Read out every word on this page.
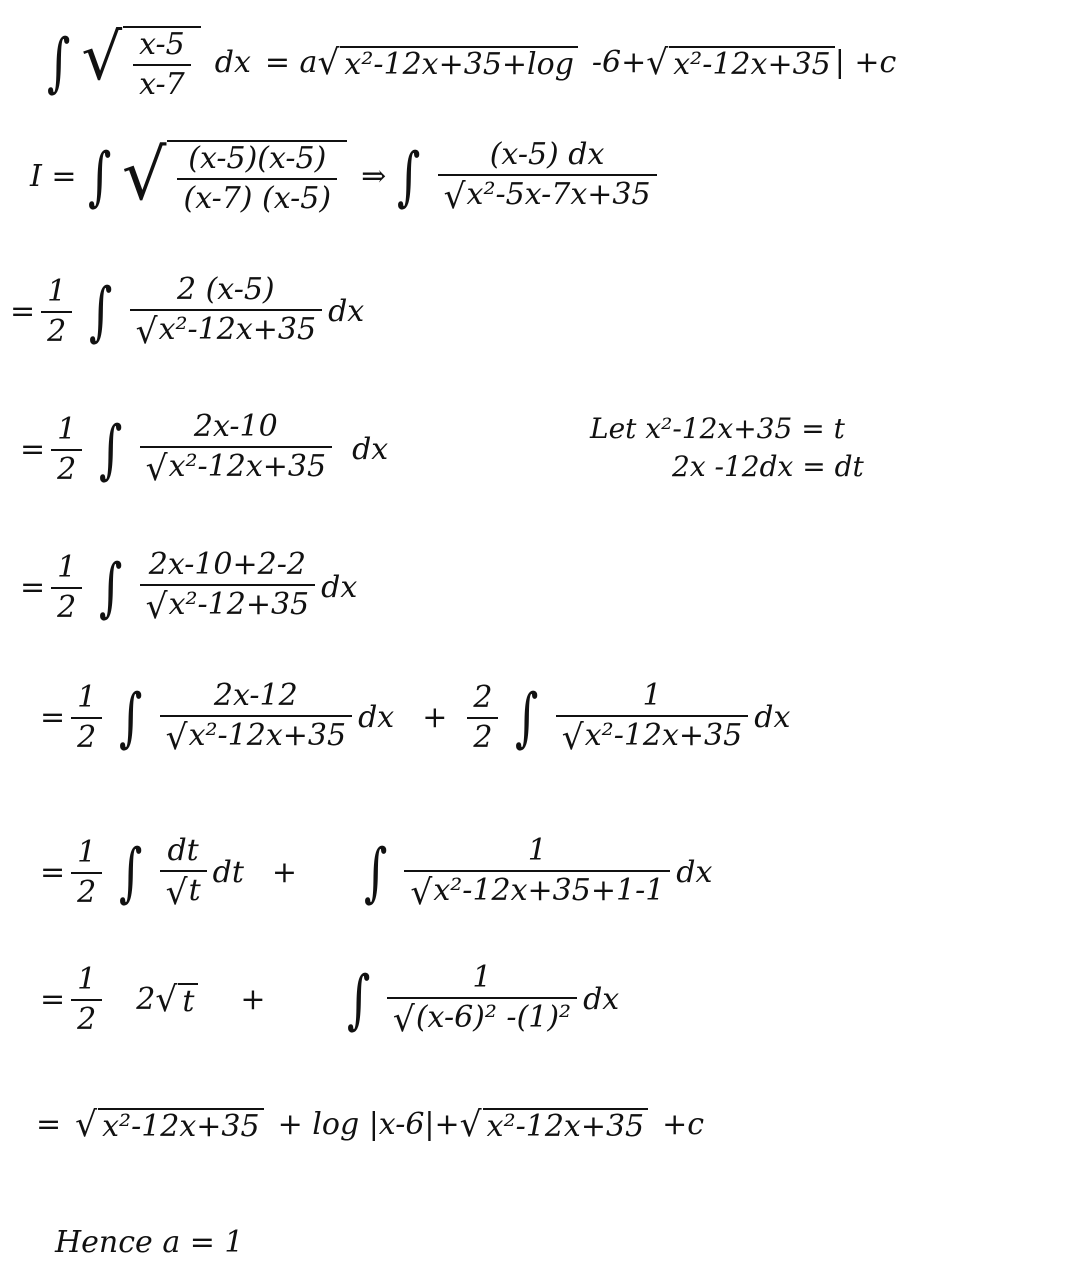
∫ √ $\frac{x-5}{x-7}$ dx = a √ x²-12x+35+log -6+ √ x²-12x+35 | +c
I = ∫ √ $\frac{(x-5)(x-5)}{(x-7) (x-5)}$ ⇒ ∫ $\frac{(x-5) dx}{\text{√ x²-5x-7x+35}}$
= $\frac{1}{2}$ ∫ $\frac{2 (x-5)}{\text{√ x²-12x+35}}$ dx
= $\frac{1}{2}$ ∫ $\frac{2x-10}{\text{√ x²-12x+35}}$ dx
Let x²-12x+35 = t
2x -12dx = dt
= $\frac{1}{2}$ ∫ $\frac{2x-10+2-2}{\text{√ x²-12+35}}$ dx
= $\frac{1}{2}$ ∫ $\frac{2x-12}{\text{√ x²-12x+35}}$ dx + $\frac{2}{2}$ ∫ $\frac{1}{\text{√ x²-12x+35}}$ dx
= $\frac{1}{2}$ ∫ $\frac{dt}{√ t}$ dt + ∫ $\frac{1}{\text{√ x²-12x+35+1-1}}$ dx
= $\frac{1}{2} 2$ √ t + ∫ $\frac{1}{\text{√ (x-6)² -(1)²}}$ dx
= √ x²-12x+35 + log |x-6|+ √ x²-12x+35 +c
Hence a = 1
